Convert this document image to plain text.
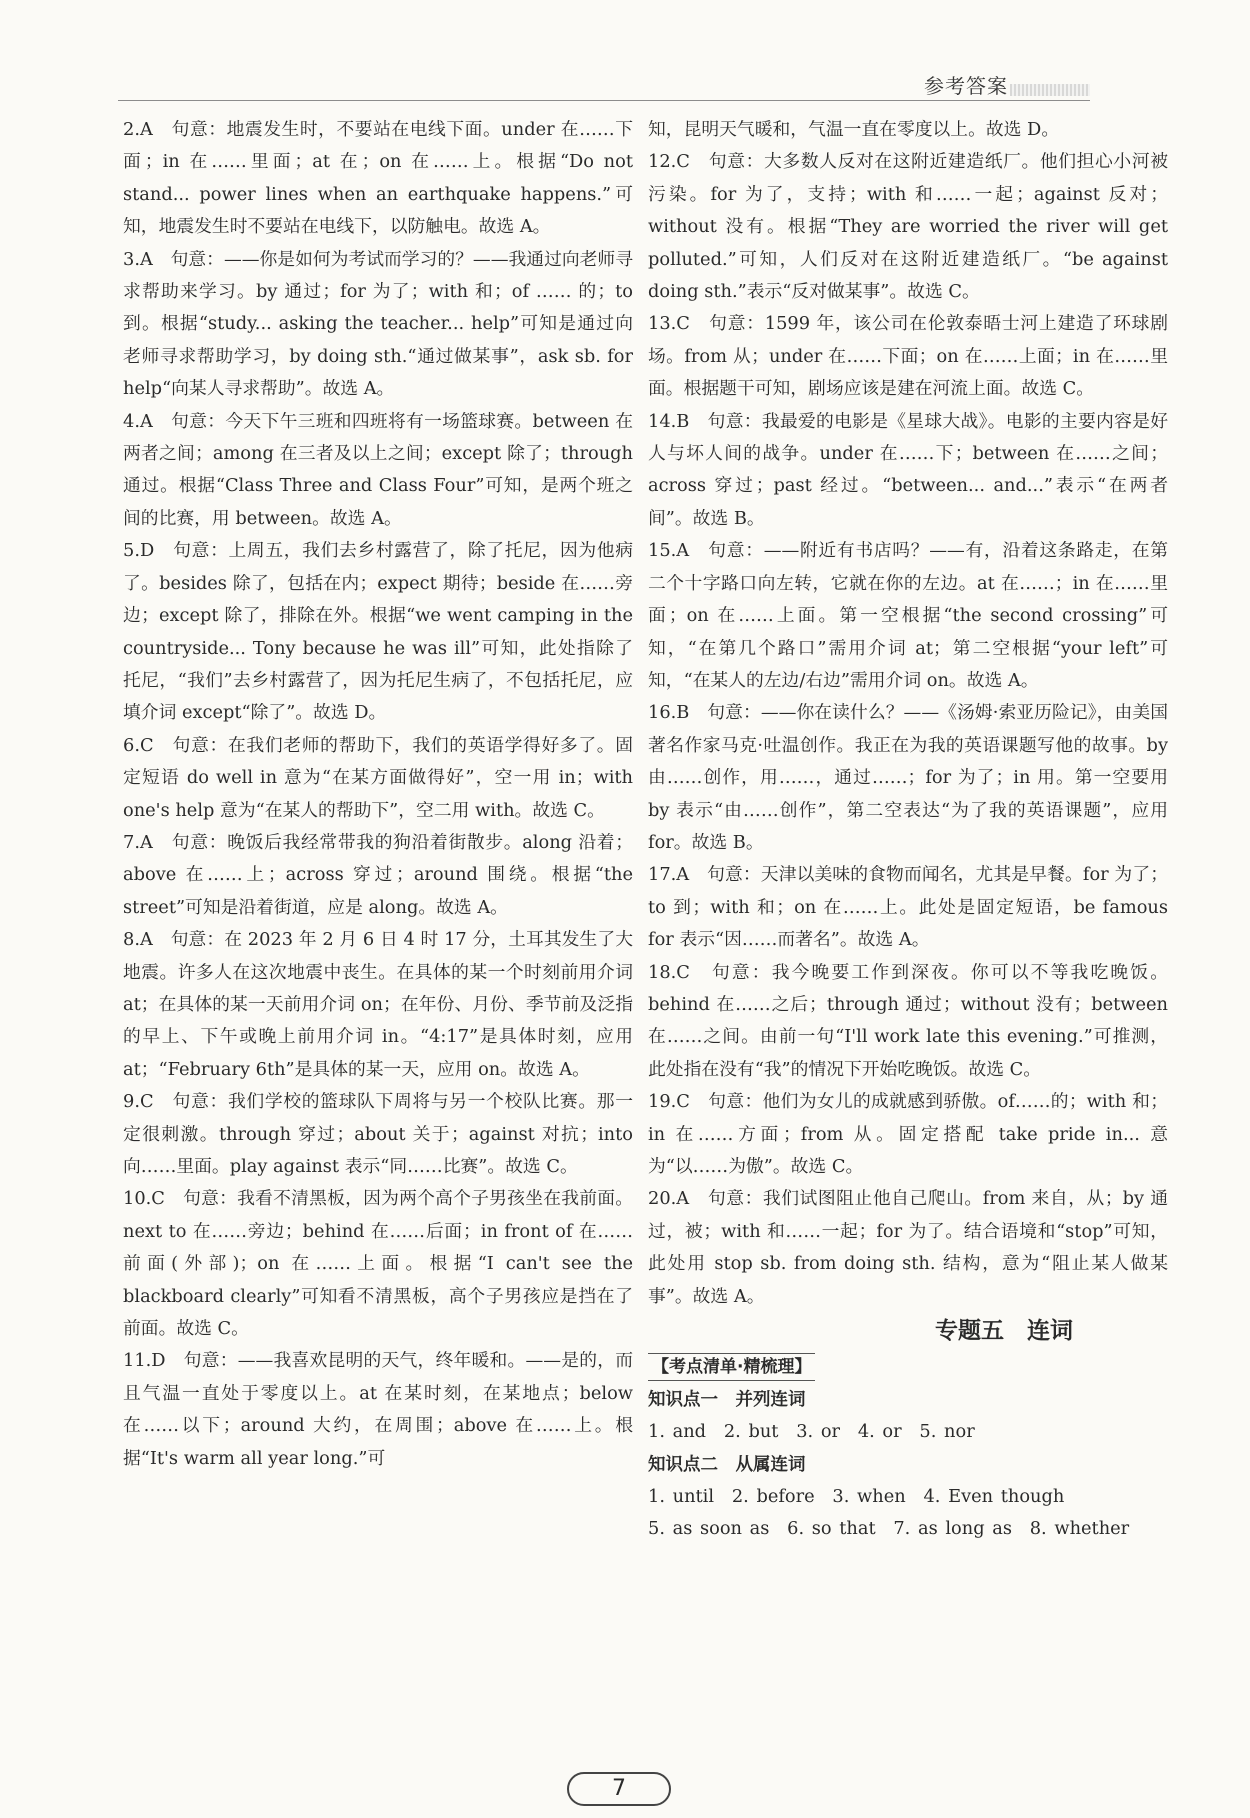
参考答案

2.A　句意：地震发生时，不要站在电线下面。under 在……下面；in 在……里面；at 在；on 在……上。根据“Do not stand... power lines when an earthquake happens.”可知，地震发生时不要站在电线下，以防触电。故选 A。

3.A　句意：——你是如何为考试而学习的？——我通过向老师寻求帮助来学习。by 通过；for 为了；with 和；of …… 的；to 到。根据“study... asking the teacher... help”可知是通过向老师寻求帮助学习，by doing sth.“通过做某事”，ask sb. for help“向某人寻求帮助”。故选 A。

4.A　句意：今天下午三班和四班将有一场篮球赛。between 在两者之间；among 在三者及以上之间；except 除了；through 通过。根据“Class Three and Class Four”可知，是两个班之间的比赛，用 between。故选 A。

5.D　句意：上周五，我们去乡村露营了，除了托尼，因为他病了。besides 除了，包括在内；expect 期待；beside 在……旁边；except 除了，排除在外。根据“we went camping in the countryside... Tony because he was ill”可知，此处指除了托尼，“我们”去乡村露营了，因为托尼生病了，不包括托尼，应填介词 except“除了”。故选 D。

6.C　句意：在我们老师的帮助下，我们的英语学得好多了。固定短语 do well in 意为“在某方面做得好”，空一用 in；with one's help 意为“在某人的帮助下”，空二用 with。故选 C。

7.A　句意：晚饭后我经常带我的狗沿着街散步。along 沿着；above 在……上；across 穿过；around 围绕。根据“the street”可知是沿着街道，应是 along。故选 A。

8.A　句意：在 2023 年 2 月 6 日 4 时 17 分，土耳其发生了大地震。许多人在这次地震中丧生。在具体的某一个时刻前用介词 at；在具体的某一天前用介词 on；在年份、月份、季节前及泛指的早上、下午或晚上前用介词 in。“4:17”是具体时刻，应用 at；“February 6th”是具体的某一天，应用 on。故选 A。

9.C　句意：我们学校的篮球队下周将与另一个校队比赛。那一定很刺激。through 穿过；about 关于；against 对抗；into 向……里面。play against 表示“同……比赛”。故选 C。

10.C　句意：我看不清黑板，因为两个高个子男孩坐在我前面。next to 在……旁边；behind 在……后面；in front of 在……前面(外部)；on 在……上面。根据“I can't see the blackboard clearly”可知看不清黑板，高个子男孩应是挡在了前面。故选 C。

11.D　句意：——我喜欢昆明的天气，终年暖和。——是的，而且气温一直处于零度以上。at 在某时刻，在某地点；below 在……以下；around 大约，在周围；above 在……上。根据“It's warm all year long.”可

知，昆明天气暖和，气温一直在零度以上。故选 D。

12.C　句意：大多数人反对在这附近建造纸厂。他们担心小河被污染。for 为了，支持；with 和……一起；against 反对；without 没有。根据“They are worried the river will get polluted.”可知，人们反对在这附近建造纸厂。“be against doing sth.”表示“反对做某事”。故选 C。

13.C　句意：1599 年，该公司在伦敦泰晤士河上建造了环球剧场。from 从；under 在……下面；on 在……上面；in 在……里面。根据题干可知，剧场应该是建在河流上面。故选 C。

14.B　句意：我最爱的电影是《星球大战》。电影的主要内容是好人与坏人间的战争。under 在……下；between 在……之间；across 穿过；past 经过。“between... and...”表示“在两者间”。故选 B。

15.A　句意：——附近有书店吗？——有，沿着这条路走，在第二个十字路口向左转，它就在你的左边。at 在……；in 在……里面；on 在……上面。第一空根据“the second crossing”可知，“在第几个路口”需用介词 at；第二空根据“your left”可知，“在某人的左边/右边”需用介词 on。故选 A。

16.B　句意：——你在读什么？——《汤姆·索亚历险记》，由美国著名作家马克·吐温创作。我正在为我的英语课题写他的故事。by 由……创作，用……，通过……；for 为了；in 用。第一空要用 by 表示“由……创作”，第二空表达“为了我的英语课题”，应用 for。故选 B。

17.A　句意：天津以美味的食物而闻名，尤其是早餐。for 为了；to 到；with 和；on 在……上。此处是固定短语，be famous for 表示“因……而著名”。故选 A。

18.C　句意：我今晚要工作到深夜。你可以不等我吃晚饭。behind 在……之后；through 通过；without 没有；between 在……之间。由前一句“I'll work late this evening.”可推测，此处指在没有“我”的情况下开始吃晚饭。故选 C。

19.C　句意：他们为女儿的成就感到骄傲。of……的；with 和；in 在……方面；from 从。固定搭配 take pride in... 意为“以……为傲”。故选 C。

20.A　句意：我们试图阻止他自己爬山。from 来自，从；by 通过，被；with 和……一起；for 为了。结合语境和“stop”可知，此处用 stop sb. from doing sth. 结构，意为“阻止某人做某事”。故选 A。

专题五　连词
【考点清单·精梳理】
知识点一　并列连词
1. and　2. but　3. or　4. or　5. nor
知识点二　从属连词
1. until　2. before　3. when　4. Even though
5. as soon as　6. so that　7. as long as　8. whether
7
